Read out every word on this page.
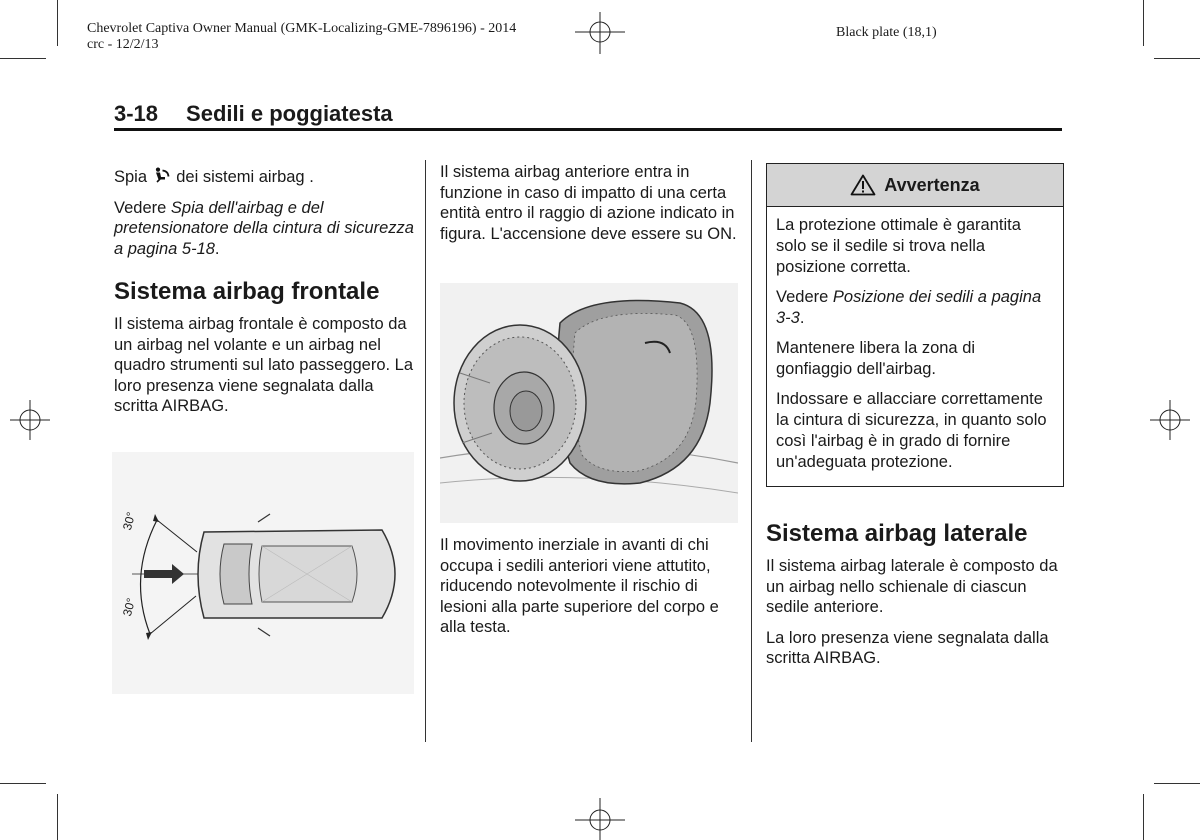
Chevrolet Captiva Owner Manual (GMK-Localizing-GME-7896196) - 2014
crc - 12/2/13
Black plate (18,1)
3-18 Sedili e poggiatesta

Spia dei sistemi airbag .

Vedere Spia dell'airbag e del pretensionatore della cintura di sicurezza a pagina 5-18.

Sistema airbag frontale

Il sistema airbag frontale è composto da un airbag nel volante e un airbag nel quadro strumenti sul lato passeggero. La loro presenza viene segnalata dalla scritta AIRBAG.

30°
30°

Il sistema airbag anteriore entra in funzione in caso di impatto di una certa entità entro il raggio di azione indicato in figura. L'accensione deve essere su ON.

Il movimento inerziale in avanti di chi occupa i sedili anteriori viene attutito, riducendo notevolmente il rischio di lesioni alla parte superiore del corpo e alla testa.

Avvertenza

La protezione ottimale è garantita solo se il sedile si trova nella posizione corretta.

Vedere Posizione dei sedili a pagina 3-3.

Mantenere libera la zona di gonfiaggio dell'airbag.

Indossare e allacciare correttamente la cintura di sicurezza, in quanto solo così l'airbag è in grado di fornire un'adeguata protezione.

Sistema airbag laterale

Il sistema airbag laterale è composto da un airbag nello schienale di ciascun sedile anteriore.

La loro presenza viene segnalata dalla scritta AIRBAG.
